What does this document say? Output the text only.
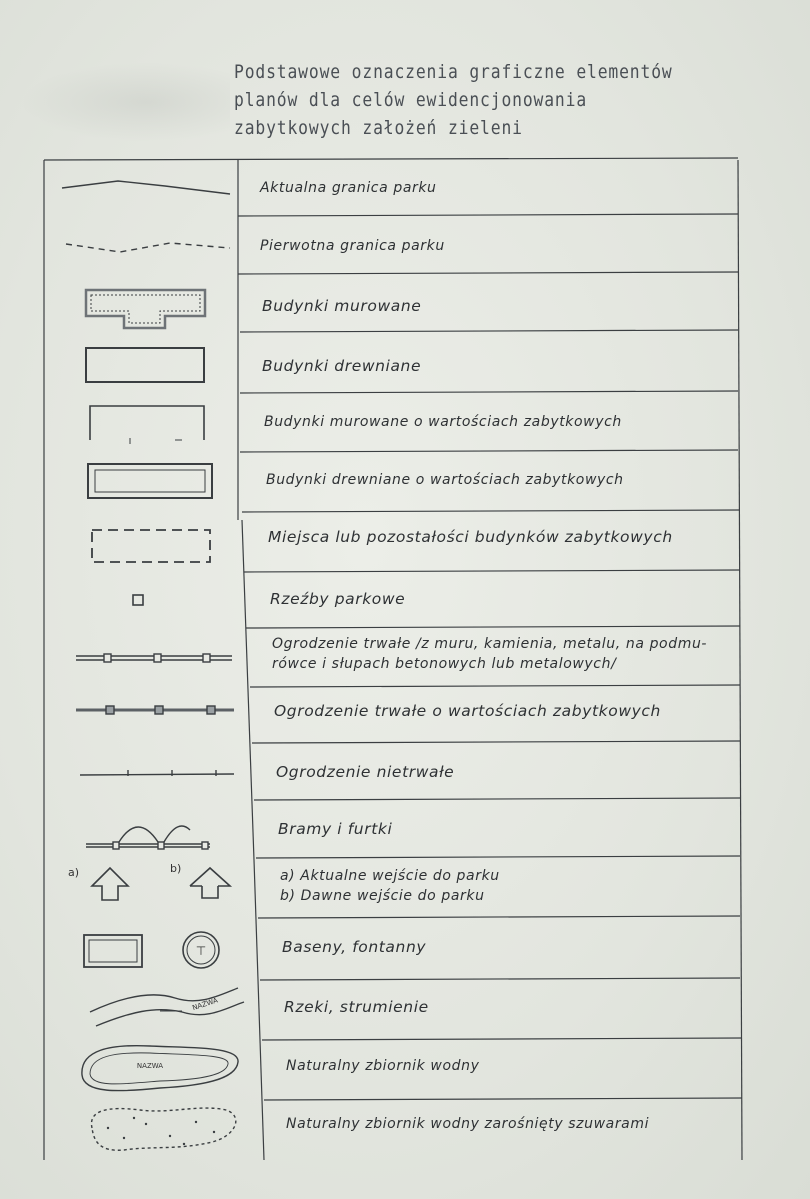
Podstawowe oznaczenia graficzne elementów
planów dla celów ewidencjonowania
zabytkowych założeń zieleni
⊤
NAZWA
NAZWA
a)	b)
Aktualna granica parku
Pierwotna granica parku
Budynki murowane
Budynki drewniane
Budynki murowane o wartościach zabytkowych
Budynki drewniane o wartościach zabytkowych
Miejsca lub pozostałości budynków zabytkowych
Rzeźby parkowe
Ogrodzenie trwałe /z muru, kamienia, metalu, na podmu-
rówce i słupach betonowych lub metalowych/
Ogrodzenie trwałe o wartościach zabytkowych
Ogrodzenie nietrwałe
Bramy i furtki
a) Aktualne wejście do parku
b) Dawne wejście do parku
Baseny, fontanny
Rzeki, strumienie
Naturalny zbiornik wodny
Naturalny zbiornik wodny zarośnięty szuwarami
